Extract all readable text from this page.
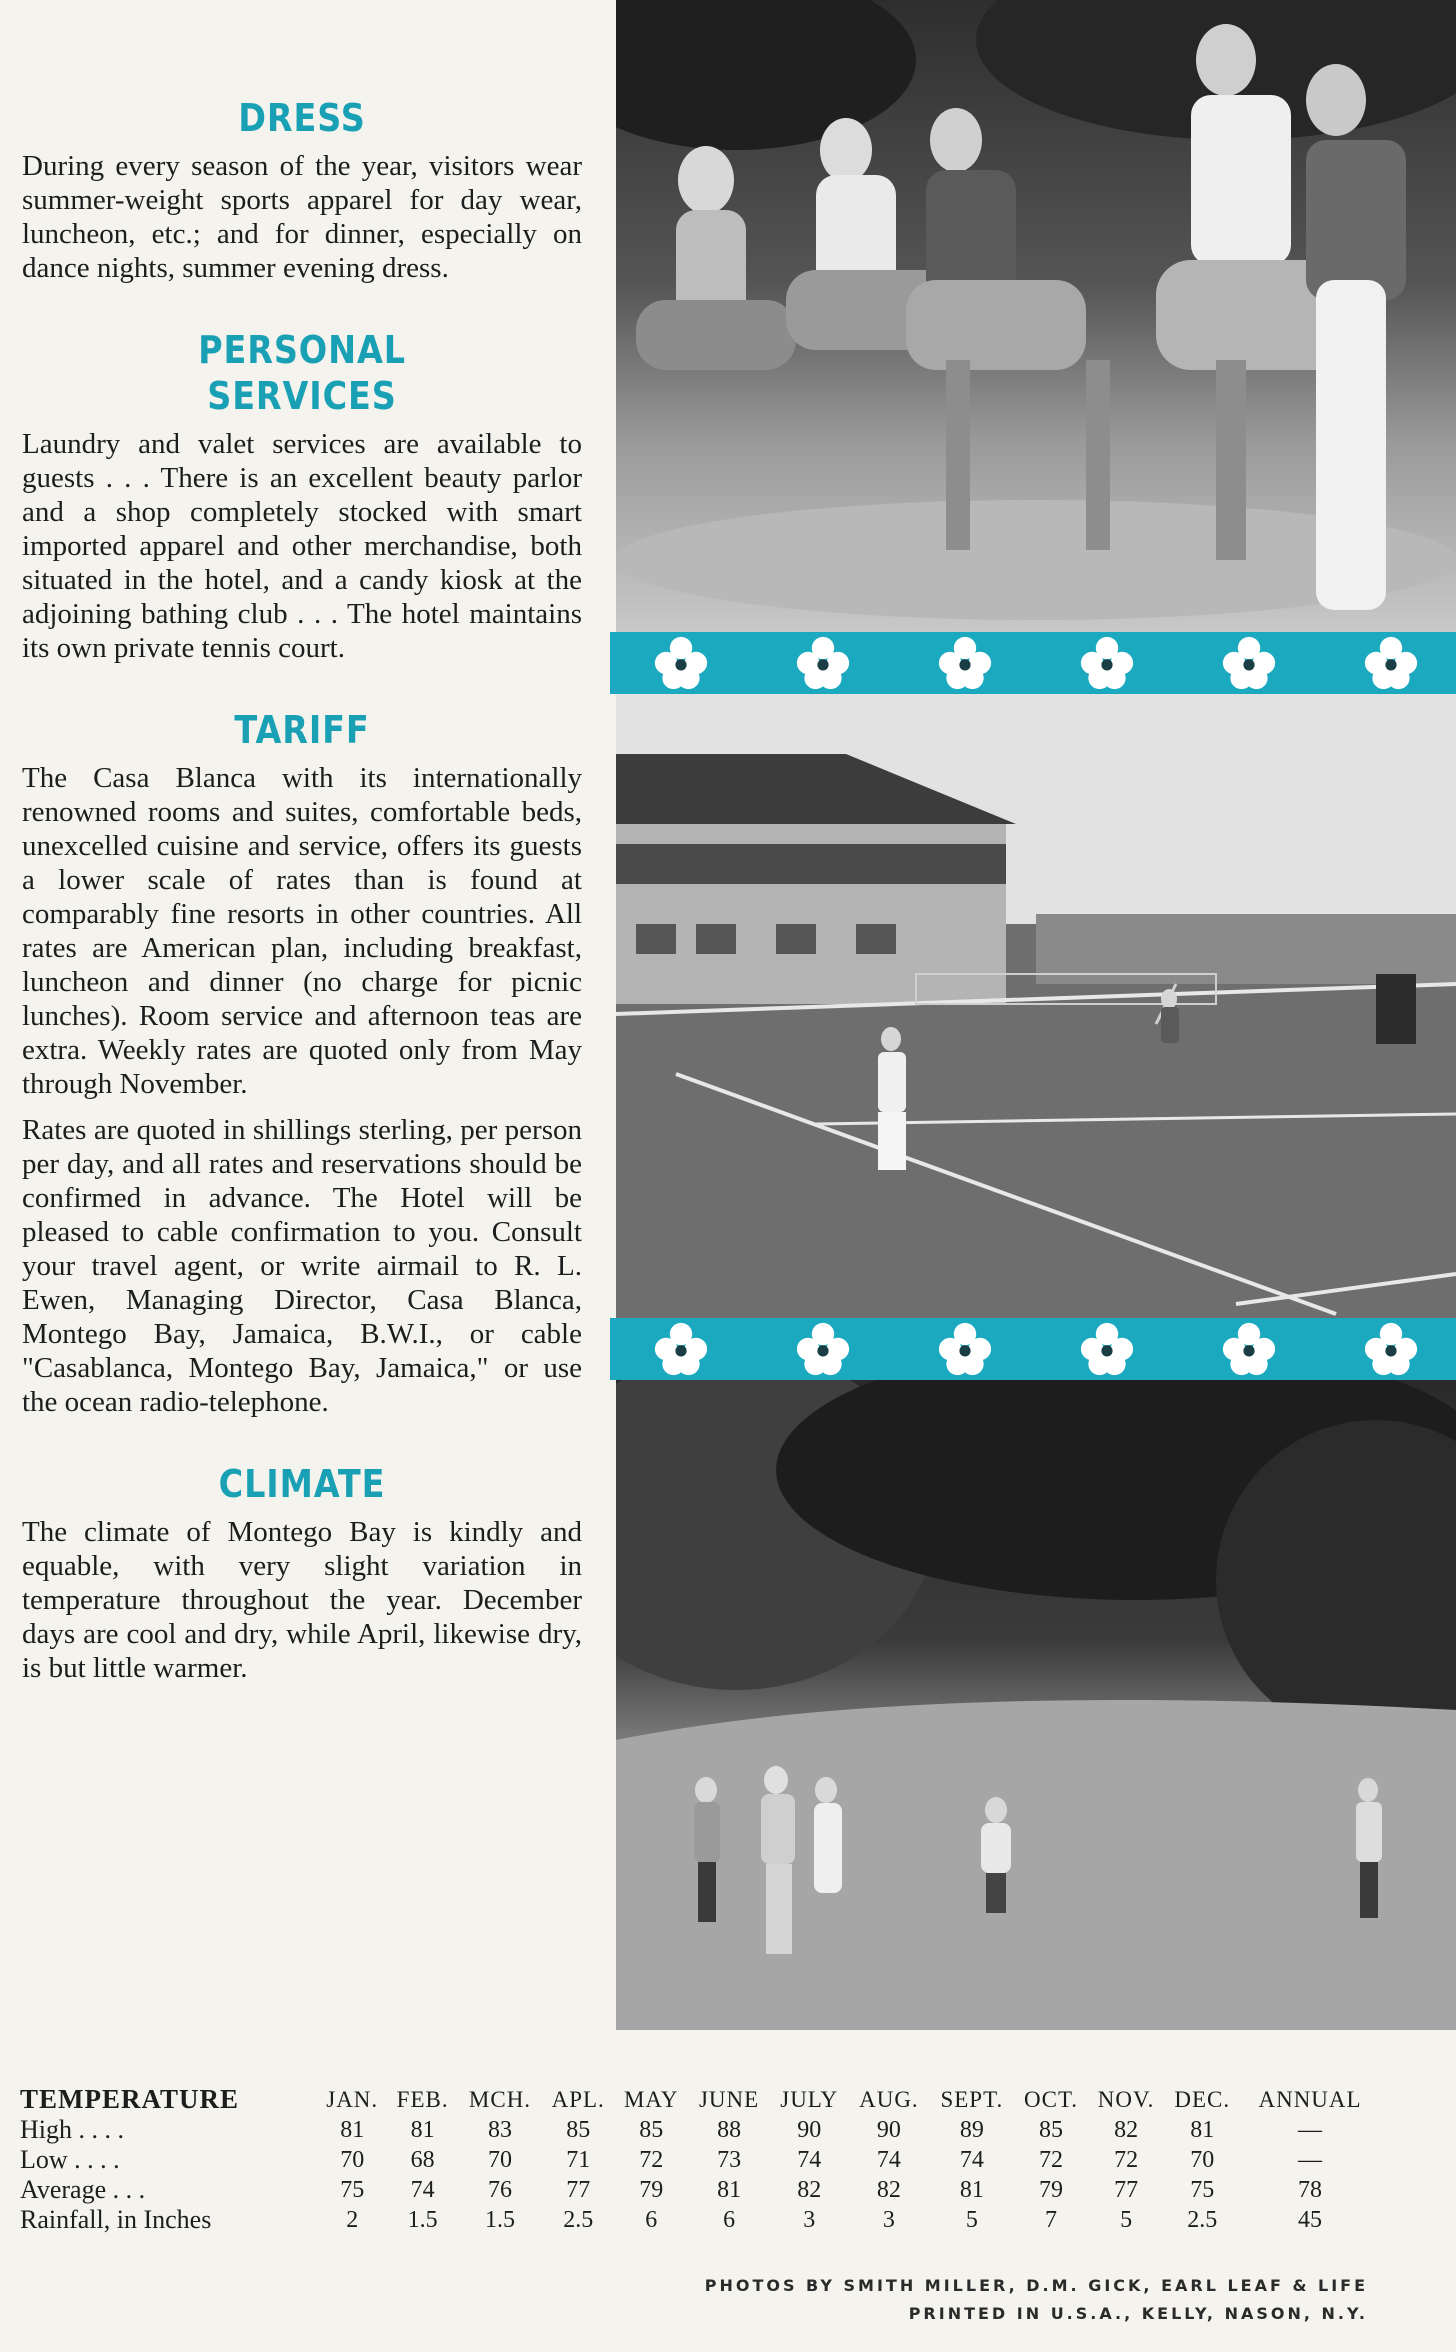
DRESS

During every season of the year, visitors wear summer-weight sports apparel for day wear, luncheon, etc.; and for dinner, especially on dance nights, summer evening dress.

PERSONAL
SERVICES

Laundry and valet services are available to guests . . . There is an excellent beauty parlor and a shop completely stocked with smart imported apparel and other merchandise, both situated in the hotel, and a candy kiosk at the adjoining bathing club . . . The hotel maintains its own private tennis court.

TARIFF

The Casa Blanca with its internationally renowned rooms and suites, comfortable beds, unexcelled cuisine and service, offers its guests a lower scale of rates than is found at comparably fine resorts in other countries. All rates are American plan, including breakfast, luncheon and dinner (no charge for picnic lunches). Room service and afternoon teas are extra. Weekly rates are quoted only from May through November.

Rates are quoted in shillings sterling, per person per day, and all rates and reservations should be confirmed in advance. The Hotel will be pleased to cable confirmation to you. Consult your travel agent, or write airmail to R. L. Ewen, Managing Director, Casa Blanca, Montego Bay, Jamaica, B.W.I., or cable "Casablanca, Montego Bay, Jamaica," or use the ocean radio-telephone.

CLIMATE

The climate of Montego Bay is kindly and equable, with very slight variation in temperature throughout the year. December days are cool and dry, while April, likewise dry, is but little warmer.

TEMPERATURE	JAN.	FEB.	MCH.	APL.	MAY	JUNE	JULY	AUG.	SEPT.	OCT.	NOV.	DEC.	ANNUAL
High . . . .	81	81	83	85	85	88	90	90	89	85	82	81	—
Low . . . .	70	68	70	71	72	73	74	74	74	72	72	70	—
Average . . .	75	74	76	77	79	81	82	82	81	79	77	75	78
Rainfall, in Inches	2	1.5	1.5	2.5	6	6	3	3	5	7	5	2.5	45
PHOTOS BY SMITH MILLER, D.M. GICK, EARL LEAF & LIFE
PRINTED IN U.S.A., KELLY, NASON, N.Y.
